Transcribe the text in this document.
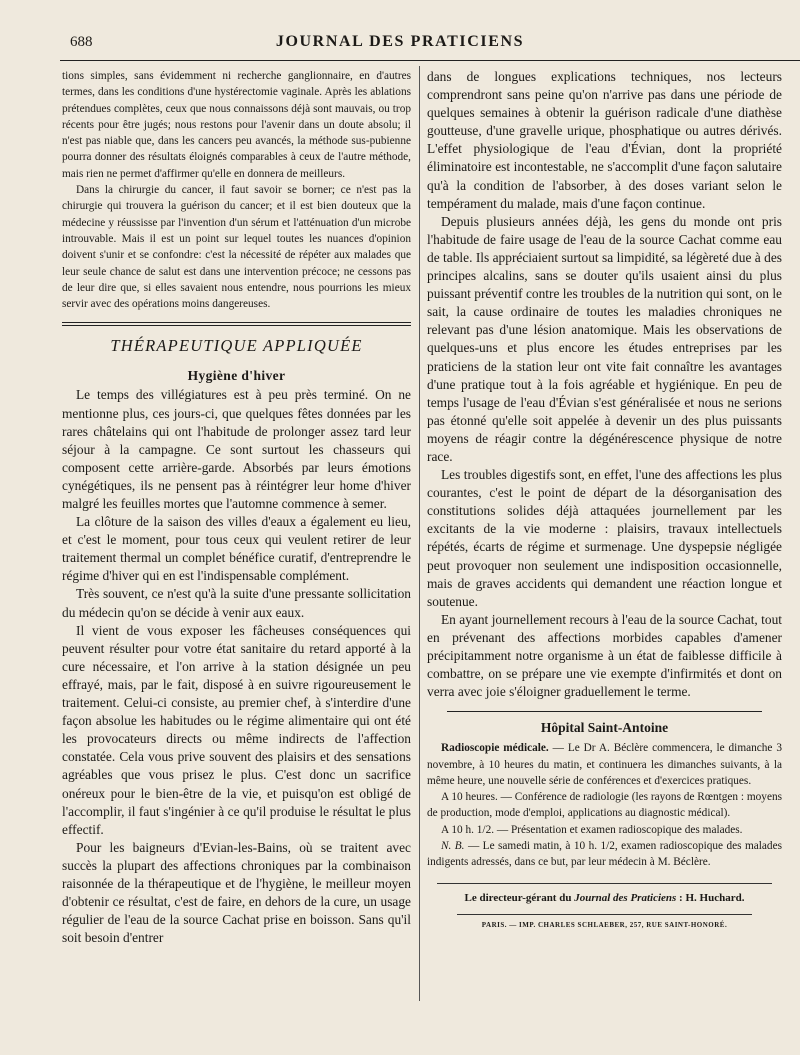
688	JOURNAL DES PRATICIENS

tions simples, sans évidemment ni recherche ganglionnaire, en d'autres termes, dans les conditions d'une hystérectomie vaginale. Après les ablations prétendues complètes, ceux que nous connaissons déjà sont mauvais, ou trop récents pour être jugés; nous restons pour l'avenir dans un doute absolu; il n'est pas niable que, dans les cancers peu avancés, la méthode sus-pubienne pourra donner des résultats éloignés comparables à ceux de l'autre méthode, mais rien ne permet d'affirmer qu'elle en donnera de meilleurs.

Dans la chirurgie du cancer, il faut savoir se borner; ce n'est pas la chirurgie qui trouvera la guérison du cancer; et il est bien douteux que la médecine y réussisse par l'invention d'un sérum et l'atténuation d'un microbe introuvable. Mais il est un point sur lequel toutes les nuances d'opinion doivent s'unir et se confondre: c'est la nécessité de répéter aux malades que leur seule chance de salut est dans une intervention précoce; ne cessons pas de leur dire que, si elles savaient nous entendre, nous pourrions les mieux servir avec des opérations moins dangereuses.

THÉRAPEUTIQUE APPLIQUÉE
Hygiène d'hiver

Le temps des villégiatures est à peu près terminé. On ne mentionne plus, ces jours-ci, que quelques fêtes données par les rares châtelains qui ont l'habitude de prolonger assez tard leur séjour à la campagne. Ce sont surtout les chasseurs qui composent cette arrière-garde. Absorbés par leurs émotions cynégétiques, ils ne pensent pas à réintégrer leur home d'hiver malgré les feuilles mortes que l'automne commence à semer.

La clôture de la saison des villes d'eaux a également eu lieu, et c'est le moment, pour tous ceux qui veulent retirer de leur traitement thermal un complet bénéfice curatif, d'entreprendre le régime d'hiver qui en est l'indispensable complément.

Très souvent, ce n'est qu'à la suite d'une pressante sollicitation du médecin qu'on se décide à venir aux eaux.

Il vient de vous exposer les fâcheuses conséquences qui peuvent résulter pour votre état sanitaire du retard apporté à la cure nécessaire, et l'on arrive à la station désignée un peu effrayé, mais, par le fait, disposé à en suivre rigoureusement le traitement. Celui-ci consiste, au premier chef, à s'interdire d'une façon absolue les habitudes ou le régime alimentaire qui ont été les provocateurs directs ou même indirects de l'affection constatée. Cela vous prive souvent des plaisirs et des sensations agréables que vous prisez le plus. C'est donc un sacrifice onéreux pour le bien-être de la vie, et puisqu'on est obligé de l'accomplir, il faut s'ingénier à ce qu'il produise le résultat le plus effectif.

Pour les baigneurs d'Evian-les-Bains, où se traitent avec succès la plupart des affections chroniques par la combinaison raisonnée de la thérapeutique et de l'hygiène, le meilleur moyen d'obtenir ce résultat, c'est de faire, en dehors de la cure, un usage régulier de l'eau de la source Cachat prise en boisson. Sans qu'il soit besoin d'entrer

dans de longues explications techniques, nos lecteurs comprendront sans peine qu'on n'arrive pas dans une période de quelques semaines à obtenir la guérison radicale d'une diathèse goutteuse, d'une gravelle urique, phosphatique ou autres dérivés. L'effet physiologique de l'eau d'Évian, dont la propriété éliminatoire est incontestable, ne s'accomplit d'une façon salutaire qu'à la condition de l'absorber, à des doses variant selon le tempérament du malade, mais d'une façon continue.

Depuis plusieurs années déjà, les gens du monde ont pris l'habitude de faire usage de l'eau de la source Cachat comme eau de table. Ils appréciaient surtout sa limpidité, sa légèreté due à des principes alcalins, sans se douter qu'ils usaient ainsi du plus puissant préventif contre les troubles de la nutrition qui sont, on le sait, la cause ordinaire de toutes les maladies chroniques ne relevant pas d'une lésion anatomique. Mais les observations de quelques-uns et plus encore les études entreprises par les praticiens de la station leur ont vite fait connaître les avantages d'une pratique tout à la fois agréable et hygiénique. En peu de temps l'usage de l'eau d'Évian s'est généralisée et nous ne serions pas étonné qu'elle soit appelée à devenir un des plus puissants moyens de réagir contre la dégénérescence physique de notre race.

Les troubles digestifs sont, en effet, l'une des affections les plus courantes, c'est le point de départ de la désorganisation des constitutions solides déjà attaquées journellement par les excitants de la vie moderne : plaisirs, travaux intellectuels répétés, écarts de régime et surmenage. Une dyspepsie négligée peut provoquer non seulement une indisposition occasionnelle, mais de graves accidents qui demandent une réaction longue et soutenue.

En ayant journellement recours à l'eau de la source Cachat, tout en prévenant des affections morbides capables d'amener précipitamment notre organisme à un état de faiblesse difficile à combattre, on se prépare une vie exempte d'infirmités et dont on verra avec joie s'éloigner graduellement le terme.

Hôpital Saint-Antoine

Radioscopie médicale. — Le Dr A. Béclère commencera, le dimanche 3 novembre, à 10 heures du matin, et continuera les dimanches suivants, à la même heure, une nouvelle série de conférences et d'exercices pratiques.

A 10 heures. — Conférence de radiologie (les rayons de Rœntgen : moyens de production, mode d'emploi, applications au diagnostic médical).

A 10 h. 1/2. — Présentation et examen radioscopique des malades.

N. B. — Le samedi matin, à 10 h. 1/2, examen radioscopique des malades indigents adressés, dans ce but, par leur médecin à M. Béclère.

Le directeur-gérant du Journal des Praticiens : H. Huchard.
PARIS. — IMP. CHARLES SCHLAEBER, 257, RUE SAINT-HONORÉ.
